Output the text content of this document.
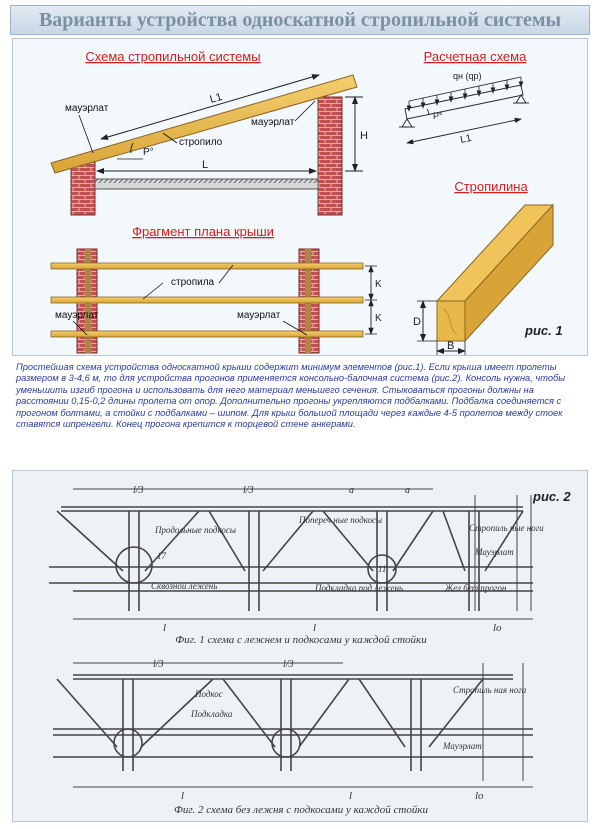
Варианты устройства односкатной стропильной системы
Схема стропильной системы	Расчетная схема
Стропилина
Фрагмент плана крыши
L1
L
H
P°
мауэрлат
мауэрлат
стропило
qн (qр)
P°
L1
D
B
рис. 1
стропила
мауэрлат	мауэрлат
K
K

Простейшая схема устройства односкатной крыши содержит минимум элементов (рис.1). Если крыша имеет пролеты размером в 3-4,6 м, то для устройства прогонов применяется консольно-балочная система (рис.2). Консоль нужна, чтобы уменьшить изгиб прогона и использовать для него материал меньшего сечения. Стыковаться прогоны должны на расстоянии 0,15-0,2 длины пролета от опор. Дополнительно прогоны укрепляются подбалками. Подбалка соединяется с прогоном болтами, а стойки с подбалками – шипом. Для крыш большой площади через каждые 4-5 пролетов между стоек ставятся шпренгели. Конец прогона крепится к торцевой стене анкерами.

рис. 2
l/3	l/3	a	a
l	l	lo
17
11
Продольные подкосы
Попереч ные подкосы
Сквозной лежень	Подкладка под лежень
Стропиль ные ноги
Мауэрлат
Жел бет прогон
Фиг. 1 схема с лежнем и подкосами у каждой стойки
l/3	l/3
l	l	lo
Подкос
Подкладка
Стропиль ная нога
Мауэрлат
Фиг. 2 схема без лежня с подкосами у каждой стойки
